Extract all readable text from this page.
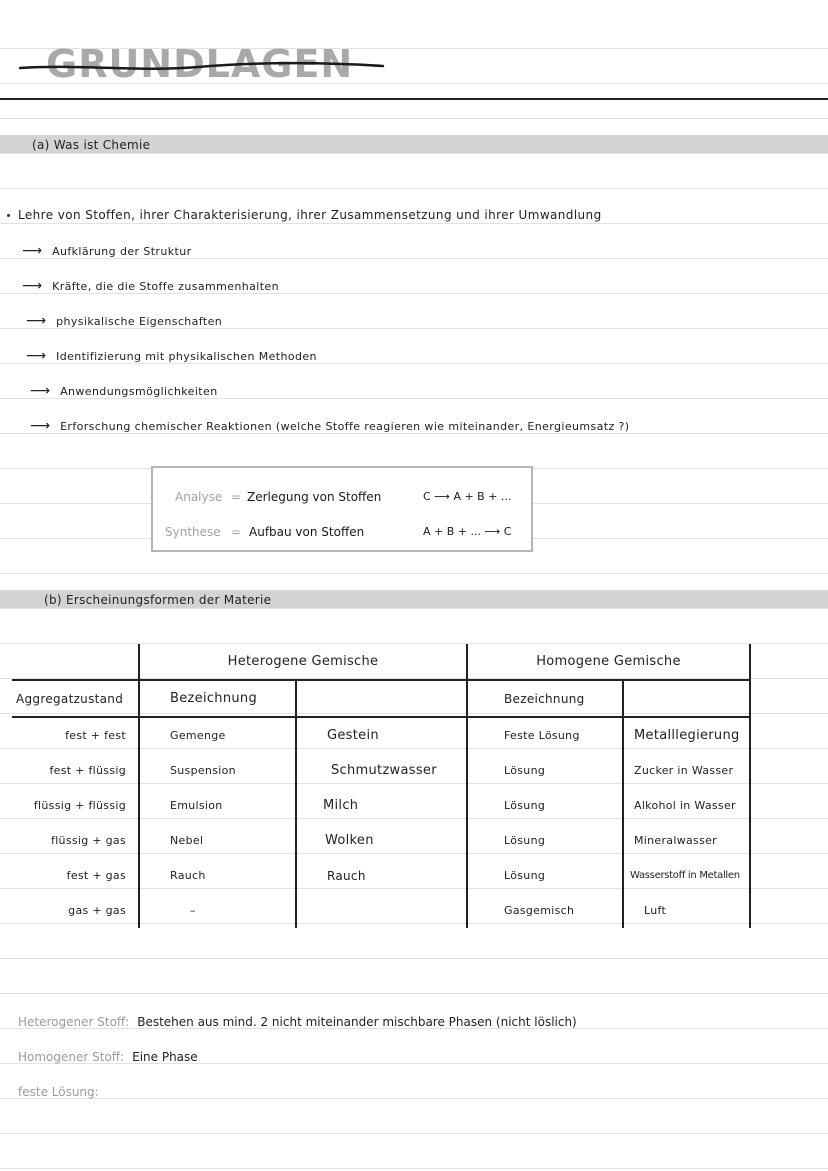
GRUNDLAGEN
(a) Was ist Chemie
Lehre von Stoffen, ihrer Charakterisierung, ihrer Zusammensetzung und ihrer Umwandlung
⟶ Aufklärung der Struktur
⟶ Kräfte, die die Stoffe zusammenhalten
⟶ physikalische Eigenschaften
⟶ Identifizierung mit physikalischen Methoden
⟶ Anwendungsmöglichkeiten
⟶ Erforschung chemischer Reaktionen (welche Stoffe reagieren wie miteinander, Energieumsatz ?)
Analyse = Zerlegung von Stoffen	C ⟶ A + B + ...
Synthese = Aufbau von Stoffen	A + B + ... ⟶ C
(b) Erscheinungsformen der Materie
	Heterogene Gemische		Homogene Gemische		
Aggregatzustand	Bezeichnung		Bezeichnung		
fest + fest	Gemenge	Gestein	Feste Lösung	Metalllegierung	
fest + flüssig	Suspension	Schmutzwasser	Lösung	Zucker in Wasser	
flüssig + flüssig	Emulsion	Milch	Lösung	Alkohol in Wasser	
flüssig + gas	Nebel	Wolken	Lösung	Mineralwasser	
fest + gas	Rauch	Rauch	Lösung	Wasserstoff in Metallen	
gas + gas	–		Gasgemisch	Luft	
Heterogener Stoff: Bestehen aus mind. 2 nicht miteinander mischbare Phasen (nicht löslich)
Homogener Stoff: Eine Phase
feste Lösung:
